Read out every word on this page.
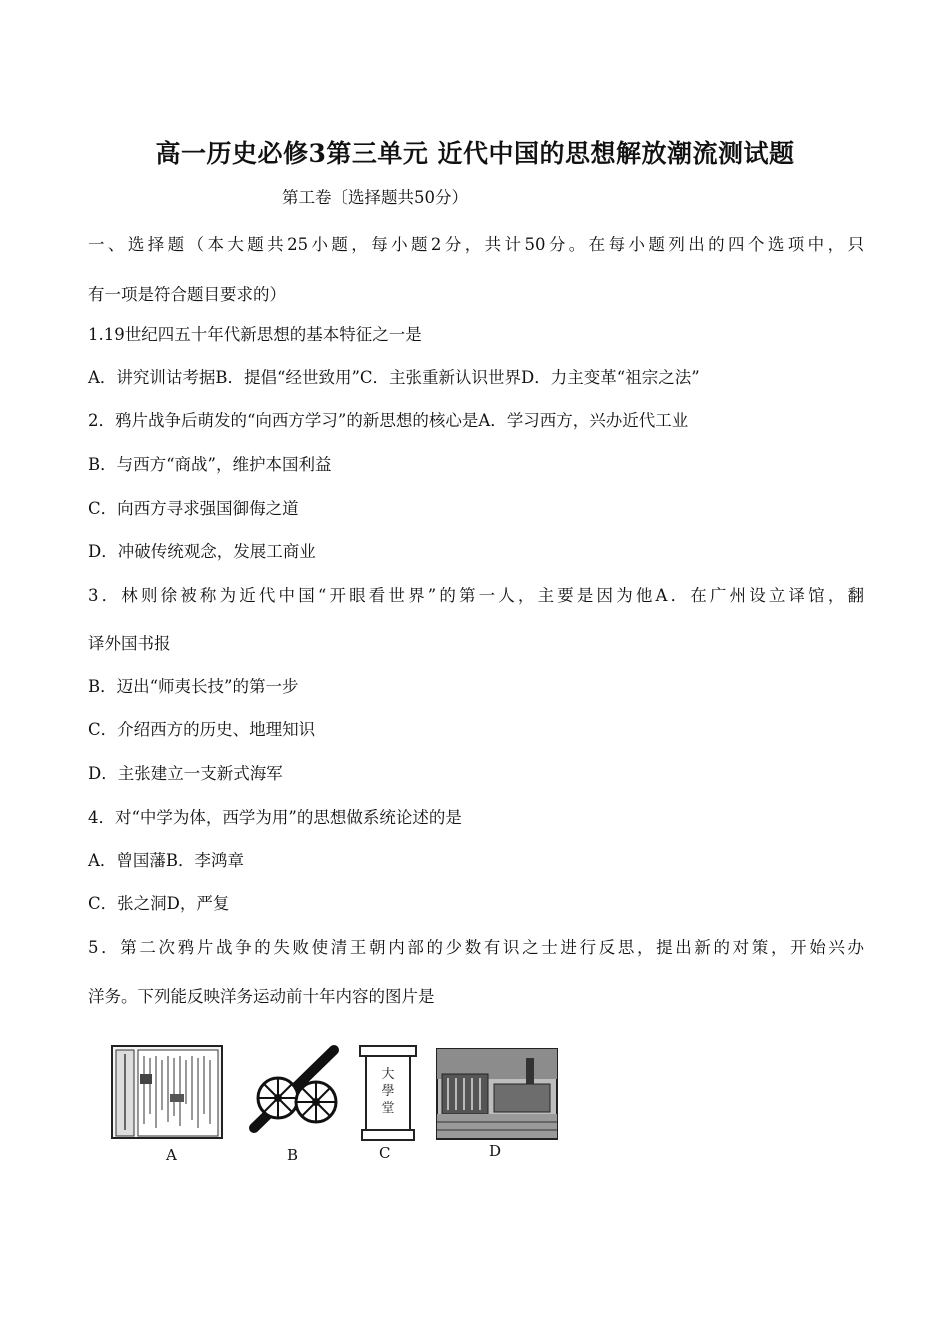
高一历史必修3第三单元 近代中国的思想解放潮流测试题
第工卷〔选择题共50分）
一、选择题（本大题共25小题，每小题2分，共计50分。在每小题列出的四个选项中，只
有一项是符合题目要求的）
1.19世纪四五十年代新思想的基本特征之一是
A．讲究训诂考据B．提倡“经世致用”C．主张重新认识世界D．力主变革“祖宗之法”
2．鸦片战争后萌发的“向西方学习”的新思想的核心是A．学习西方，兴办近代工业
B．与西方“商战”，维护本国利益
C．向西方寻求强国御侮之道
D．冲破传统观念，发展工商业
3．林则徐被称为近代中国“开眼看世界”的第一人，主要是因为他A．在广州设立译馆，翻
译外国书报
B．迈出“师夷长技”的第一步
C．介绍西方的历史、地理知识
D．主张建立一支新式海军
4．对“中学为体，西学为用”的思想做系统论述的是
A．曾国藩B．李鸿章
C．张之洞D，严复
5．第二次鸦片战争的失败使清王朝内部的少数有识之士进行反思，提出新的对策，开始兴办
洋务。下列能反映洋务运动前十年内容的图片是
大學堂
A	B	C	D
